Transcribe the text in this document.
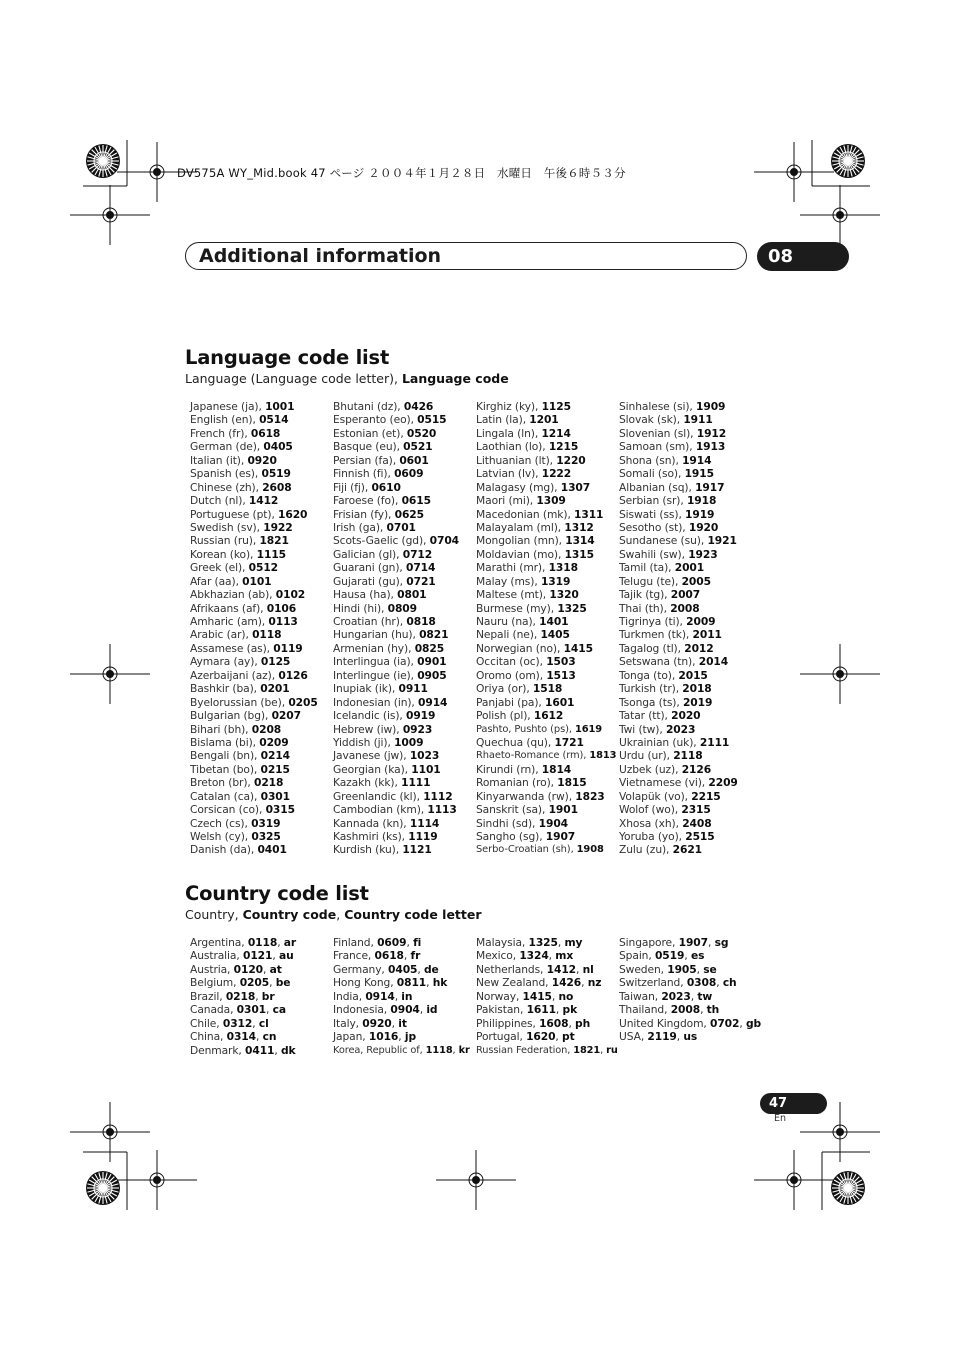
DV575A WY_Mid.book 47 ページ ２００４年１月２８日　水曜日　午後６時５３分
Additional information	08
Language code list
Language (Language code letter), Language code
Japanese (ja), 1001
English (en), 0514
French (fr), 0618
German (de), 0405
Italian (it), 0920
Spanish (es), 0519
Chinese (zh), 2608
Dutch (nl), 1412
Portuguese (pt), 1620
Swedish (sv), 1922
Russian (ru), 1821
Korean (ko), 1115
Greek (el), 0512
Afar (aa), 0101
Abkhazian (ab), 0102
Afrikaans (af), 0106
Amharic (am), 0113
Arabic (ar), 0118
Assamese (as), 0119
Aymara (ay), 0125
Azerbaijani (az), 0126
Bashkir (ba), 0201
Byelorussian (be), 0205
Bulgarian (bg), 0207
Bihari (bh), 0208
Bislama (bi), 0209
Bengali (bn), 0214
Tibetan (bo), 0215
Breton (br), 0218
Catalan (ca), 0301
Corsican (co), 0315
Czech (cs), 0319
Welsh (cy), 0325
Danish (da), 0401
Bhutani (dz), 0426
Esperanto (eo), 0515
Estonian (et), 0520
Basque (eu), 0521
Persian (fa), 0601
Finnish (fi), 0609
Fiji (fj), 0610
Faroese (fo), 0615
Frisian (fy), 0625
Irish (ga), 0701
Scots-Gaelic (gd), 0704
Galician (gl), 0712
Guarani (gn), 0714
Gujarati (gu), 0721
Hausa (ha), 0801
Hindi (hi), 0809
Croatian (hr), 0818
Hungarian (hu), 0821
Armenian (hy), 0825
Interlingua (ia), 0901
Interlingue (ie), 0905
Inupiak (ik), 0911
Indonesian (in), 0914
Icelandic (is), 0919
Hebrew (iw), 0923
Yiddish (ji), 1009
Javanese (jw), 1023
Georgian (ka), 1101
Kazakh (kk), 1111
Greenlandic (kl), 1112
Cambodian (km), 1113
Kannada (kn), 1114
Kashmiri (ks), 1119
Kurdish (ku), 1121
Kirghiz (ky), 1125
Latin (la), 1201
Lingala (ln), 1214
Laothian (lo), 1215
Lithuanian (lt), 1220
Latvian (lv), 1222
Malagasy (mg), 1307
Maori (mi), 1309
Macedonian (mk), 1311
Malayalam (ml), 1312
Mongolian (mn), 1314
Moldavian (mo), 1315
Marathi (mr), 1318
Malay (ms), 1319
Maltese (mt), 1320
Burmese (my), 1325
Nauru (na), 1401
Nepali (ne), 1405
Norwegian (no), 1415
Occitan (oc), 1503
Oromo (om), 1513
Oriya (or), 1518
Panjabi (pa), 1601
Polish (pl), 1612
Pashto, Pushto (ps), 1619
Quechua (qu), 1721
Rhaeto-Romance (rm), 1813
Kirundi (rn), 1814
Romanian (ro), 1815
Kinyarwanda (rw), 1823
Sanskrit (sa), 1901
Sindhi (sd), 1904
Sangho (sg), 1907
Serbo-Croatian (sh), 1908
Sinhalese (si), 1909
Slovak (sk), 1911
Slovenian (sl), 1912
Samoan (sm), 1913
Shona (sn), 1914
Somali (so), 1915
Albanian (sq), 1917
Serbian (sr), 1918
Siswati (ss), 1919
Sesotho (st), 1920
Sundanese (su), 1921
Swahili (sw), 1923
Tamil (ta), 2001
Telugu (te), 2005
Tajik (tg), 2007
Thai (th), 2008
Tigrinya (ti), 2009
Turkmen (tk), 2011
Tagalog (tl), 2012
Setswana (tn), 2014
Tonga (to), 2015
Turkish (tr), 2018
Tsonga (ts), 2019
Tatar (tt), 2020
Twi (tw), 2023
Ukrainian (uk), 2111
Urdu (ur), 2118
Uzbek (uz), 2126
Vietnamese (vi), 2209
Volapük (vo), 2215
Wolof (wo), 2315
Xhosa (xh), 2408
Yoruba (yo), 2515
Zulu (zu), 2621
Country code list
Country, Country code, Country code letter
Argentina, 0118, ar
Australia, 0121, au
Austria, 0120, at
Belgium, 0205, be
Brazil, 0218, br
Canada, 0301, ca
Chile, 0312, cl
China, 0314, cn
Denmark, 0411, dk
Finland, 0609, fi
France, 0618, fr
Germany, 0405, de
Hong Kong, 0811, hk
India, 0914, in
Indonesia, 0904, id
Italy, 0920, it
Japan, 1016, jp
Korea, Republic of, 1118, kr
Malaysia, 1325, my
Mexico, 1324, mx
Netherlands, 1412, nl
New Zealand, 1426, nz
Norway, 1415, no
Pakistan, 1611, pk
Philippines, 1608, ph
Portugal, 1620, pt
Russian Federation, 1821, ru
Singapore, 1907, sg
Spain, 0519, es
Sweden, 1905, se
Switzerland, 0308, ch
Taiwan, 2023, tw
Thailand, 2008, th
United Kingdom, 0702, gb
USA, 2119, us
47
En
